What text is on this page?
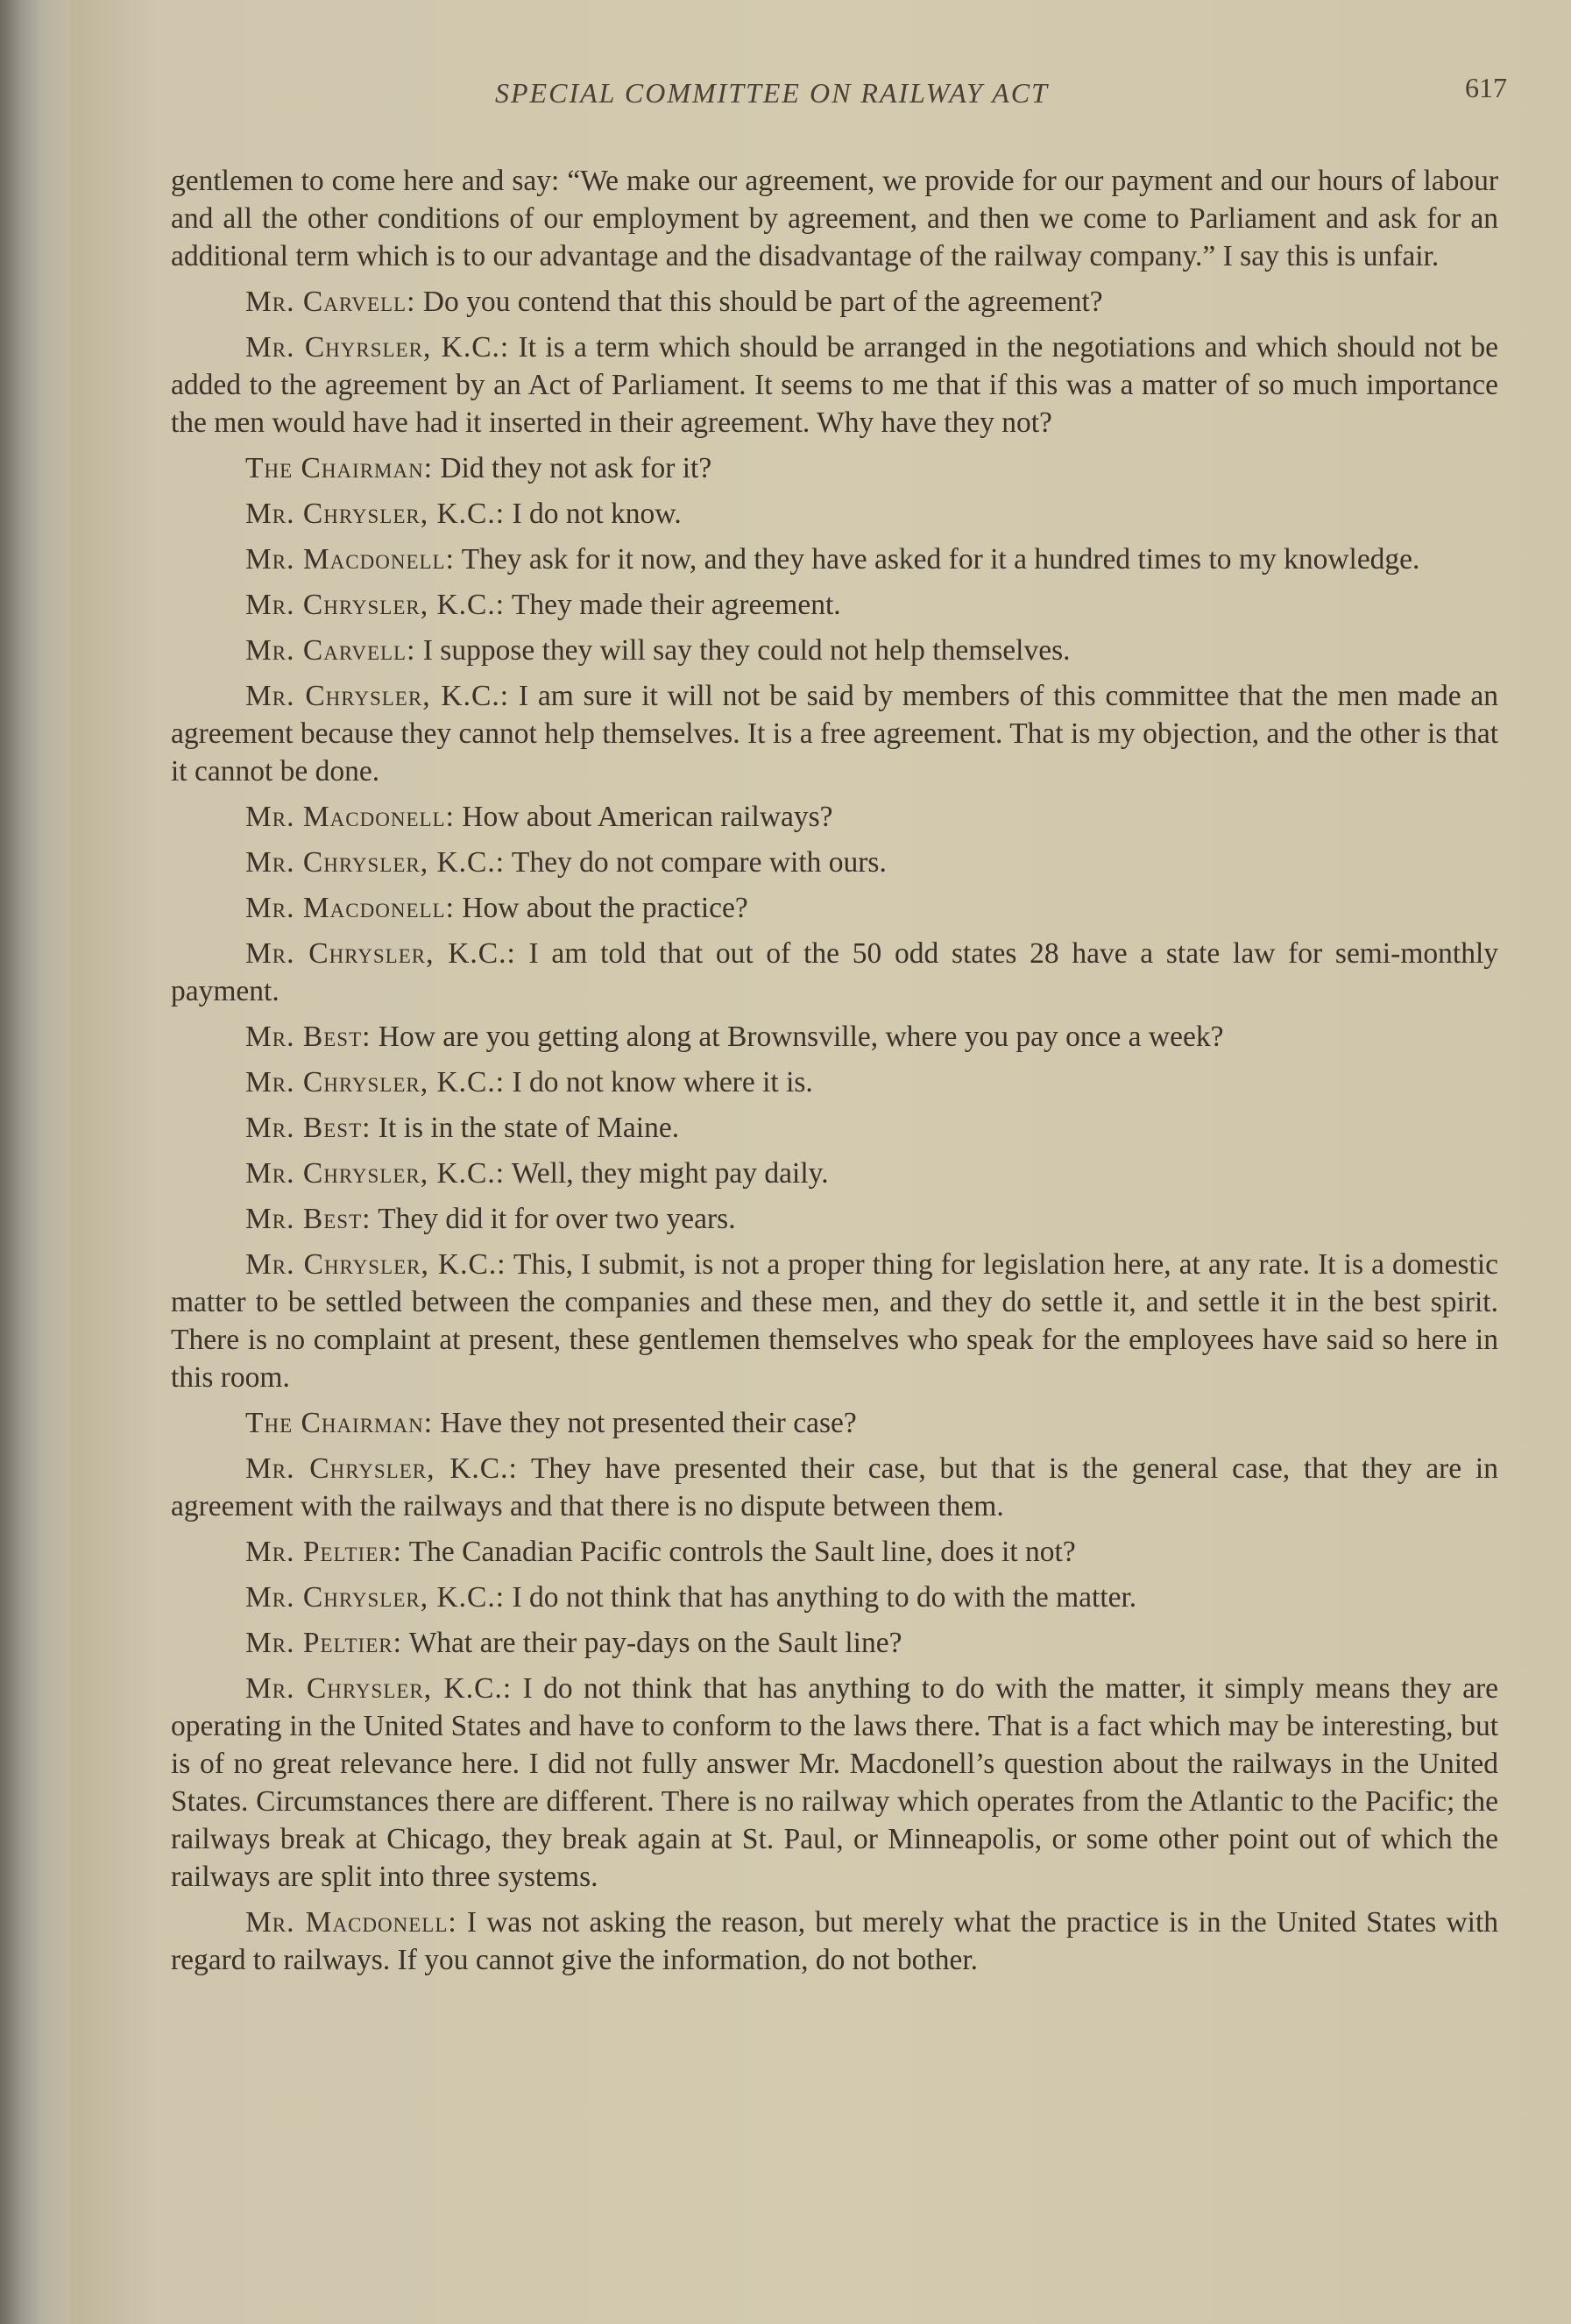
SPECIAL COMMITTEE ON RAILWAY ACT	617

gentlemen to come here and say: “We make our agreement, we provide for our payment and our hours of labour and all the other conditions of our employment by agreement, and then we come to Parliament and ask for an additional term which is to our advantage and the disadvantage of the railway company.” I say this is unfair.

Mr. Carvell: Do you contend that this should be part of the agreement?

Mr. Chyrsler, K.C.: It is a term which should be arranged in the negotiations and which should not be added to the agreement by an Act of Parliament. It seems to me that if this was a matter of so much importance the men would have had it inserted in their agreement. Why have they not?

The Chairman: Did they not ask for it?

Mr. Chrysler, K.C.: I do not know.

Mr. Macdonell: They ask for it now, and they have asked for it a hundred times to my knowledge.

Mr. Chrysler, K.C.: They made their agreement.

Mr. Carvell: I suppose they will say they could not help themselves.

Mr. Chrysler, K.C.: I am sure it will not be said by members of this committee that the men made an agreement because they cannot help themselves. It is a free agreement. That is my objection, and the other is that it cannot be done.

Mr. Macdonell: How about American railways?

Mr. Chrysler, K.C.: They do not compare with ours.

Mr. Macdonell: How about the practice?

Mr. Chrysler, K.C.: I am told that out of the 50 odd states 28 have a state law for semi-monthly payment.

Mr. Best: How are you getting along at Brownsville, where you pay once a week?

Mr. Chrysler, K.C.: I do not know where it is.

Mr. Best: It is in the state of Maine.

Mr. Chrysler, K.C.: Well, they might pay daily.

Mr. Best: They did it for over two years.

Mr. Chrysler, K.C.: This, I submit, is not a proper thing for legislation here, at any rate. It is a domestic matter to be settled between the companies and these men, and they do settle it, and settle it in the best spirit. There is no complaint at present, these gentlemen themselves who speak for the employees have said so here in this room.

The Chairman: Have they not presented their case?

Mr. Chrysler, K.C.: They have presented their case, but that is the general case, that they are in agreement with the railways and that there is no dispute between them.

Mr. Peltier: The Canadian Pacific controls the Sault line, does it not?

Mr. Chrysler, K.C.: I do not think that has anything to do with the matter.

Mr. Peltier: What are their pay-days on the Sault line?

Mr. Chrysler, K.C.: I do not think that has anything to do with the matter, it simply means they are operating in the United States and have to conform to the laws there. That is a fact which may be interesting, but is of no great relevance here. I did not fully answer Mr. Macdonell’s question about the railways in the United States. Circumstances there are different. There is no railway which operates from the Atlantic to the Pacific; the railways break at Chicago, they break again at St. Paul, or Minneapolis, or some other point out of which the railways are split into three systems.

Mr. Macdonell: I was not asking the reason, but merely what the practice is in the United States with regard to railways. If you cannot give the information, do not bother.
